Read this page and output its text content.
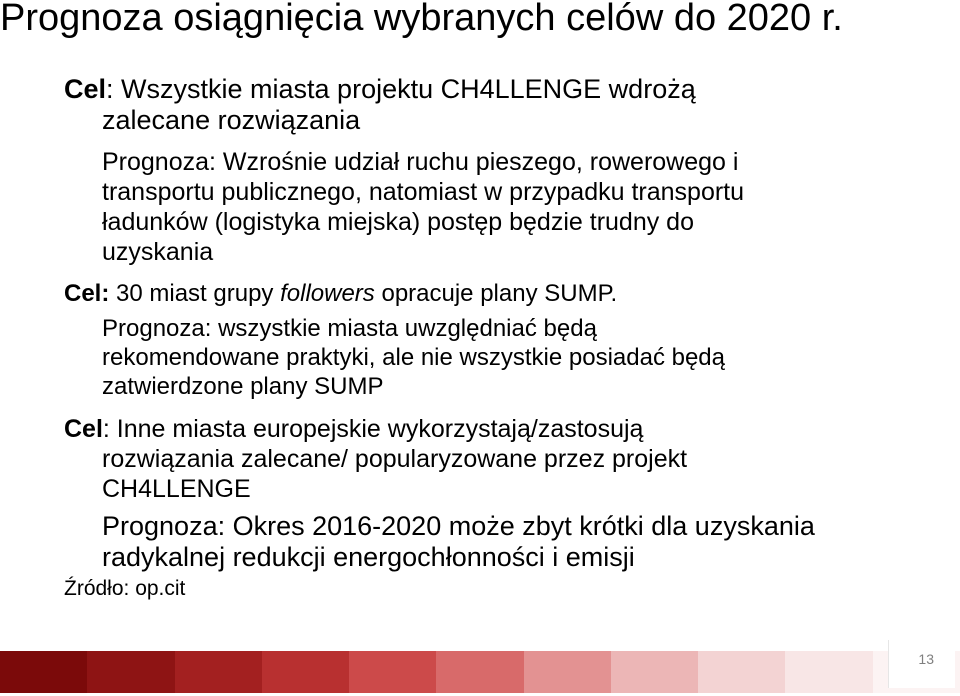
Prognoza osiągnięcia wybranych celów do 2020 r.

Cel: Wszystkie miasta projektu CH4LLENGE wdrożą
zalecane rozwiązania

Prognoza: Wzrośnie udział ruchu pieszego, rowerowego i
transportu publicznego, natomiast w przypadku transportu
ładunków (logistyka miejska) postęp będzie trudny do
uzyskania

Cel: 30 miast grupy followers opracuje plany SUMP.

Prognoza: wszystkie miasta uwzględniać będą
rekomendowane praktyki, ale nie wszystkie posiadać będą
zatwierdzone plany SUMP

Cel: Inne miasta europejskie wykorzystają/zastosują
rozwiązania zalecane/ popularyzowane przez projekt
CH4LLENGE

Prognoza: Okres 2016-2020 może zbyt krótki dla uzyskania
radykalnej redukcji energochłonności i emisji

Źródło: op.cit
13
